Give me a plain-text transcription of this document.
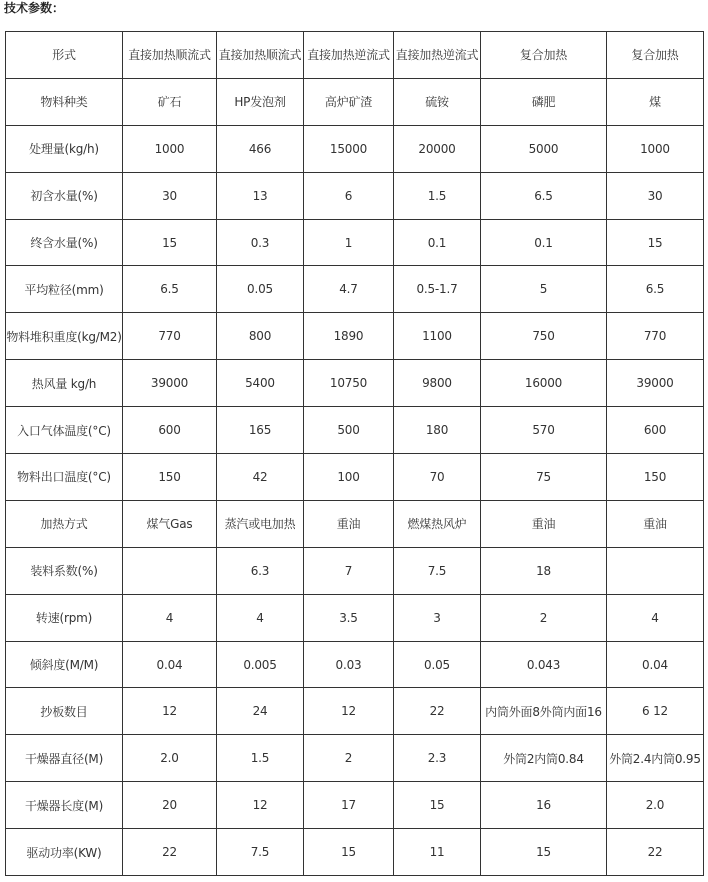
技术参数：

形式	直接加热顺流式	直接加热顺流式	直接加热逆流式	直接加热逆流式	复合加热	复合加热
物料种类	矿石	HP发泡剂	高炉矿渣	硫铵	磷肥	煤
处理量(kg/h)	1000	466	15000	20000	5000	1000
初含水量(%)	30	13	6	1.5	6.5	30
终含水量(%)	15	0.3	1	0.1	0.1	15
平均粒径(mm)	6.5	0.05	4.7	0.5-1.7	5	6.5
物料堆积重度(kg/M2)	770	800	1890	1100	750	770
热风量 kg/h	39000	5400	10750	9800	16000	39000
入口气体温度(°C)	600	165	500	180	570	600
物料出口温度(°C)	150	42	100	70	75	150
加热方式	煤气Gas	蒸汽或电加热	重油	燃煤热风炉	重油	重油
装料系数(%)		6.3	7	7.5	18	
转速(rpm)	4	4	3.5	3	2	4
倾斜度(M/M)	0.04	0.005	0.03	0.05	0.043	0.04
抄板数目	12	24	12	22	内筒外面8外筒内面16	6 12
干燥器直径(M)	2.0	1.5	2	2.3	外筒2内筒0.84	外筒2.4内筒0.95
干燥器长度(M)	20	12	17	15	16	2.0
驱动功率(KW)	22	7.5	15	11	15	22
